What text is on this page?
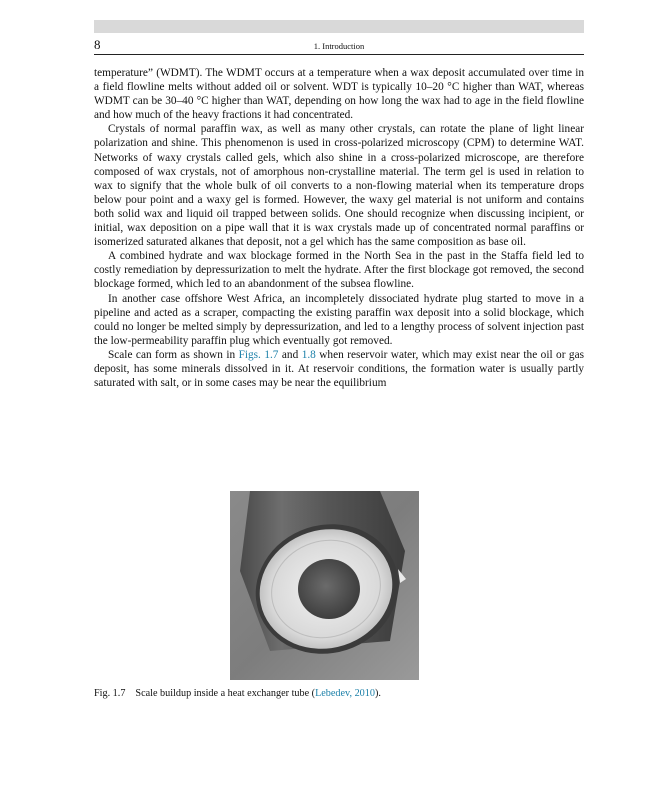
8	1. Introduction

temperature” (WDMT). The WDMT occurs at a temperature when a wax deposit accumulated over time in a field flowline melts without added oil or solvent. WDT is typically 10–20 °C higher than WAT, whereas WDMT can be 30–40 °C higher than WAT, depending on how long the wax had to age in the field flowline and how much of the heavy fractions it had concentrated.

Crystals of normal paraffin wax, as well as many other crystals, can rotate the plane of light linear polarization and shine. This phenomenon is used in cross-polarized microscopy (CPM) to determine WAT. Networks of waxy crystals called gels, which also shine in a cross-polarized microscope, are therefore composed of wax crystals, not of amorphous non-crystalline material. The term gel is used in relation to wax to signify that the whole bulk of oil converts to a non-flowing material when its temperature drops below pour point and a waxy gel is formed. However, the waxy gel material is not uniform and contains both solid wax and liquid oil trapped between solids. One should recognize when discussing incipient, or initial, wax deposition on a pipe wall that it is wax crystals made up of concentrated normal paraffins or isomerized saturated alkanes that deposit, not a gel which has the same composition as base oil.

A combined hydrate and wax blockage formed in the North Sea in the past in the Staffa field led to costly remediation by depressurization to melt the hydrate. After the first blockage got removed, the second blockage formed, which led to an abandonment of the subsea flowline.

In another case offshore West Africa, an incompletely dissociated hydrate plug started to move in a pipeline and acted as a scraper, compacting the existing paraffin wax deposit into a solid blockage, which could no longer be melted simply by depressurization, and led to a lengthy process of solvent injection past the low-permeability paraffin plug which eventually got removed.

Scale can form as shown in Figs. 1.7 and 1.8 when reservoir water, which may exist near the oil or gas deposit, has some minerals dissolved in it. At reservoir conditions, the formation water is usually partly saturated with salt, or in some cases may be near the equilibrium

Fig. 1.7 Scale buildup inside a heat exchanger tube (Lebedev, 2010).
